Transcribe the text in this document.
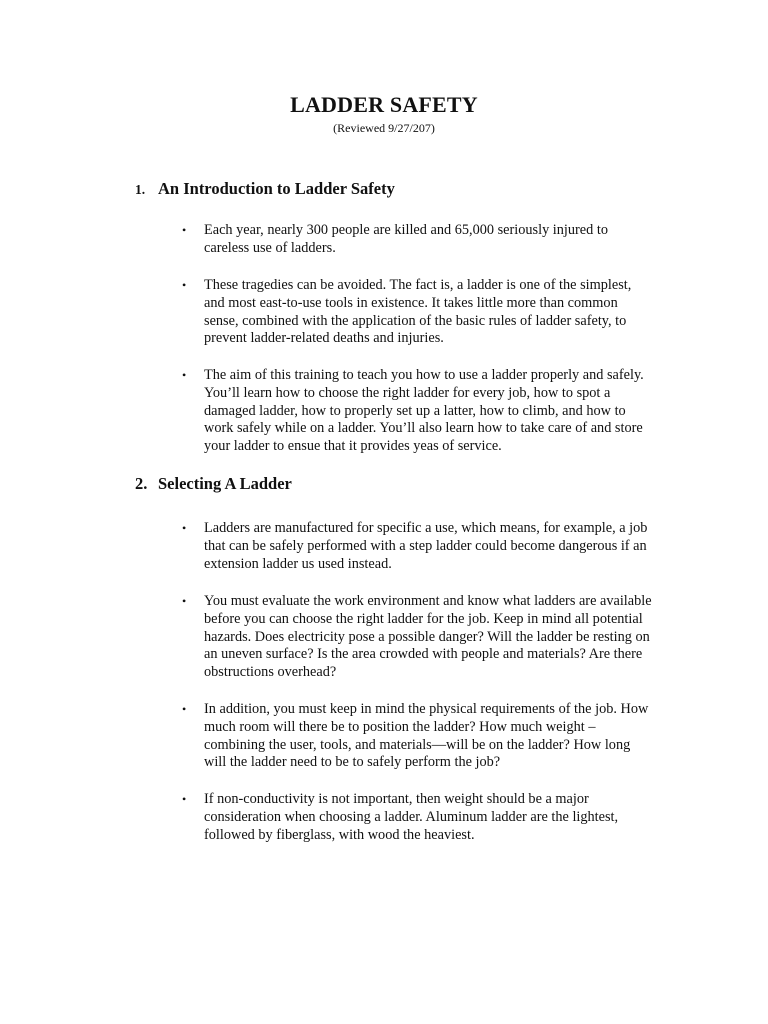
LADDER SAFETY

(Reviewed 9/27/207)

1. An Introduction to Ladder Safety
• Each year, nearly 300 people are killed and 65,000 seriously injured to careless use of ladders.
• These tragedies can be avoided. The fact is, a ladder is one of the simplest, and most east-to-use tools in existence. It takes little more than common sense, combined with the application of the basic rules of ladder safety, to prevent ladder-related deaths and injuries.
• The aim of this training to teach you how to use a ladder properly and safely. You’ll learn how to choose the right ladder for every job, how to spot a damaged ladder, how to properly set up a latter, how to climb, and how to work safely while on a ladder. You’ll also learn how to take care of and store your ladder to ensue that it provides yeas of service.
2. Selecting A Ladder
• Ladders are manufactured for specific a use, which means, for example, a job that can be safely performed with a step ladder could become dangerous if an extension ladder us used instead.
• You must evaluate the work environment and know what ladders are available before you can choose the right ladder for the job. Keep in mind all potential hazards. Does electricity pose a possible danger? Will the ladder be resting on an uneven surface? Is the area crowded with people and materials? Are there obstructions overhead?
• In addition, you must keep in mind the physical requirements of the job. How much room will there be to position the ladder? How much weight – combining the user, tools, and materials—will be on the ladder? How long will the ladder need to be to safely perform the job?
• If non-conductivity is not important, then weight should be a major consideration when choosing a ladder. Aluminum ladder are the lightest, followed by fiberglass, with wood the heaviest.
